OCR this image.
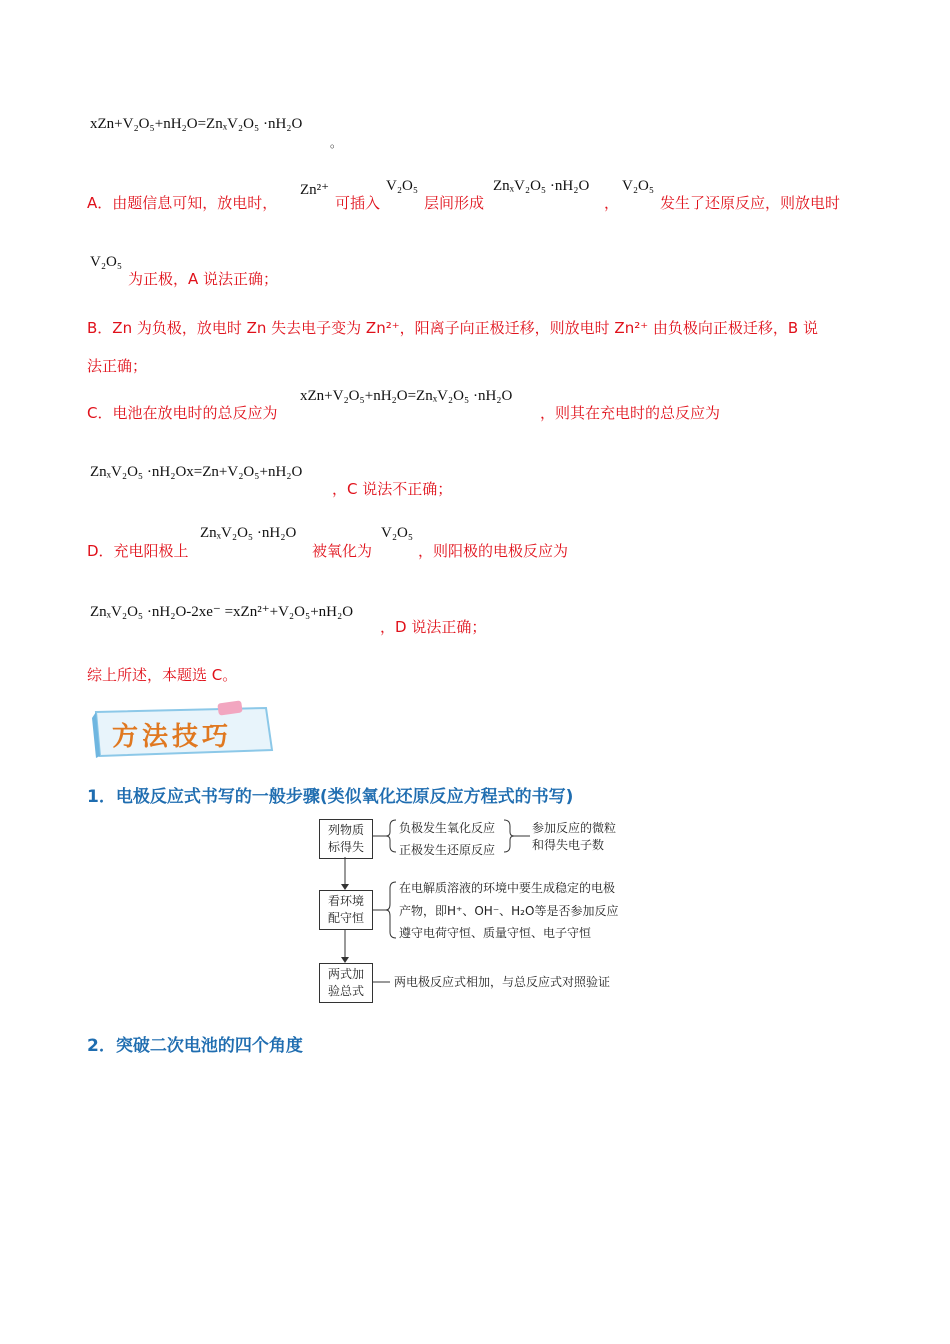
xZn+V₂O₅+nH₂O=ZnₓV₂O₅ ·nH₂O
。
A．由题信息可知，放电时，
Zn²⁺
可插入
V₂O₅
层间形成
ZnₓV₂O₅ ·nH₂O
，
V₂O₅
发生了还原反应，则放电时
V₂O₅
为正极，A 说法正确；
B．Zn 为负极，放电时 Zn 失去电子变为 Zn²⁺，阳离子向正极迁移，则放电时 Zn²⁺ 由负极向正极迁移，B 说
法正确；
C．电池在放电时的总反应为
xZn+V₂O₅+nH₂O=ZnₓV₂O₅ ·nH₂O
，则其在充电时的总反应为
ZnₓV₂O₅ ·nH₂Ox=Zn+V₂O₅+nH₂O
，C 说法不正确；
D．充电阳极上
ZnₓV₂O₅ ·nH₂O
被氧化为
V₂O₅
，则阳极的电极反应为
ZnₓV₂O₅ ·nH₂O-2xe⁻ =xZn²⁺+V₂O₅+nH₂O
，D 说法正确；
综上所述，本题选 C。
方法技巧
1．电极反应式书写的一般步骤(类似氧化还原反应方程式的书写)
列物质
标得失
负极发生氧化反应
正极发生还原反应
参加反应的微粒
和得失电子数
看环境
配守恒
在电解质溶液的环境中要生成稳定的电极
产物，即H⁺、OH⁻、H₂O等是否参加反应
遵守电荷守恒、质量守恒、电子守恒
两式加
验总式
两电极反应式相加，与总反应式对照验证
2．突破二次电池的四个角度
